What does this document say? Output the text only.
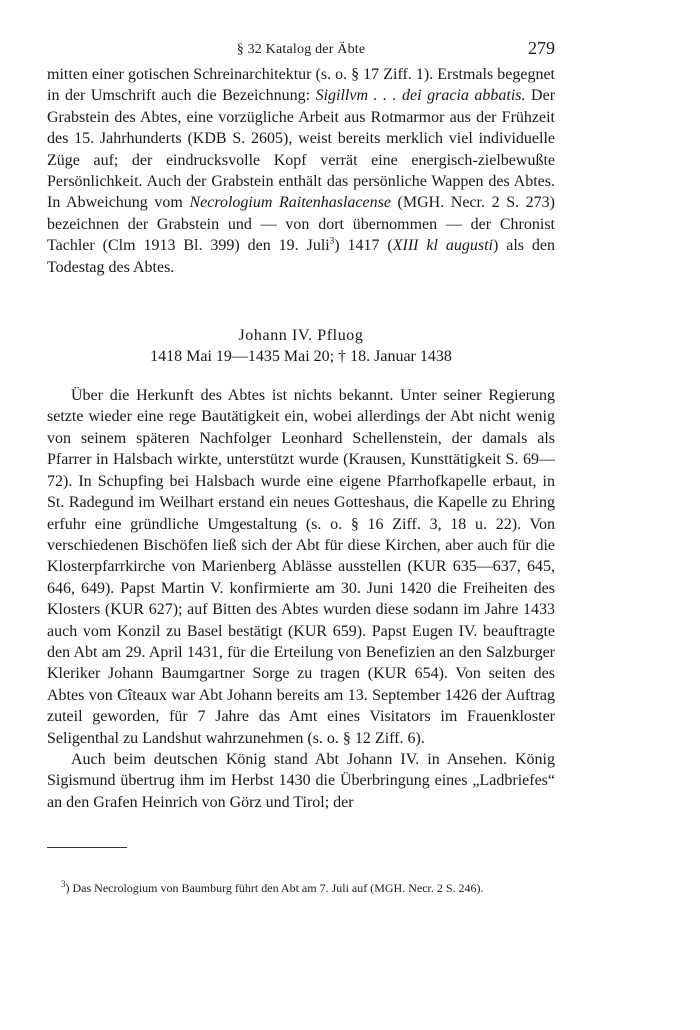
§ 32 Katalog der Äbte	279

mitten einer gotischen Schreinarchitektur (s. o. § 17 Ziff. 1). Erstmals begegnet in der Umschrift auch die Bezeichnung: Sigillvm . . . dei gracia abbatis. Der Grabstein des Abtes, eine vorzügliche Arbeit aus Rotmarmor aus der Frühzeit des 15. Jahrhunderts (KDB S. 2605), weist bereits merklich viel individuelle Züge auf; der eindrucksvolle Kopf verrät eine energisch-zielbewußte Persönlichkeit. Auch der Grabstein enthält das persönliche Wappen des Abtes. In Abweichung vom Necrologium Raitenhaslacense (MGH. Necr. 2 S. 273) bezeichnen der Grabstein und — von dort übernommen — der Chronist Tachler (Clm 1913 Bl. 399) den 19. Juli$^3$) 1417 (XIII kl augusti) als den Todestag des Abtes.

Johann IV. Pfluog
1418 Mai 19—1435 Mai 20; † 18. Januar 1438

Über die Herkunft des Abtes ist nichts bekannt. Unter seiner Regierung setzte wieder eine rege Bautätigkeit ein, wobei allerdings der Abt nicht wenig von seinem späteren Nachfolger Leonhard Schellenstein, der damals als Pfarrer in Halsbach wirkte, unterstützt wurde (Krausen, Kunsttätigkeit S. 69—72). In Schupfing bei Halsbach wurde eine eigene Pfarrhofkapelle erbaut, in St. Radegund im Weilhart erstand ein neues Gotteshaus, die Kapelle zu Ehring erfuhr eine gründliche Umgestaltung (s. o. § 16 Ziff. 3, 18 u. 22). Von verschiedenen Bischöfen ließ sich der Abt für diese Kirchen, aber auch für die Klosterpfarrkirche von Marienberg Ablässe ausstellen (KUR 635—637, 645, 646, 649). Papst Martin V. konfirmierte am 30. Juni 1420 die Freiheiten des Klosters (KUR 627); auf Bitten des Abtes wurden diese sodann im Jahre 1433 auch vom Konzil zu Basel bestätigt (KUR 659). Papst Eugen IV. beauftragte den Abt am 29. April 1431, für die Erteilung von Benefizien an den Salzburger Kleriker Johann Baumgartner Sorge zu tragen (KUR 654). Von seiten des Abtes von Cîteaux war Abt Johann bereits am 13. September 1426 der Auftrag zuteil geworden, für 7 Jahre das Amt eines Visitators im Frauenkloster Seligenthal zu Landshut wahrzunehmen (s. o. § 12 Ziff. 6).

Auch beim deutschen König stand Abt Johann IV. in Ansehen. König Sigismund übertrug ihm im Herbst 1430 die Überbringung eines „Ladbriefes“ an den Grafen Heinrich von Görz und Tirol; der

$^3$) Das Necrologium von Baumburg führt den Abt am 7. Juli auf (MGH. Necr. 2 S. 246).
